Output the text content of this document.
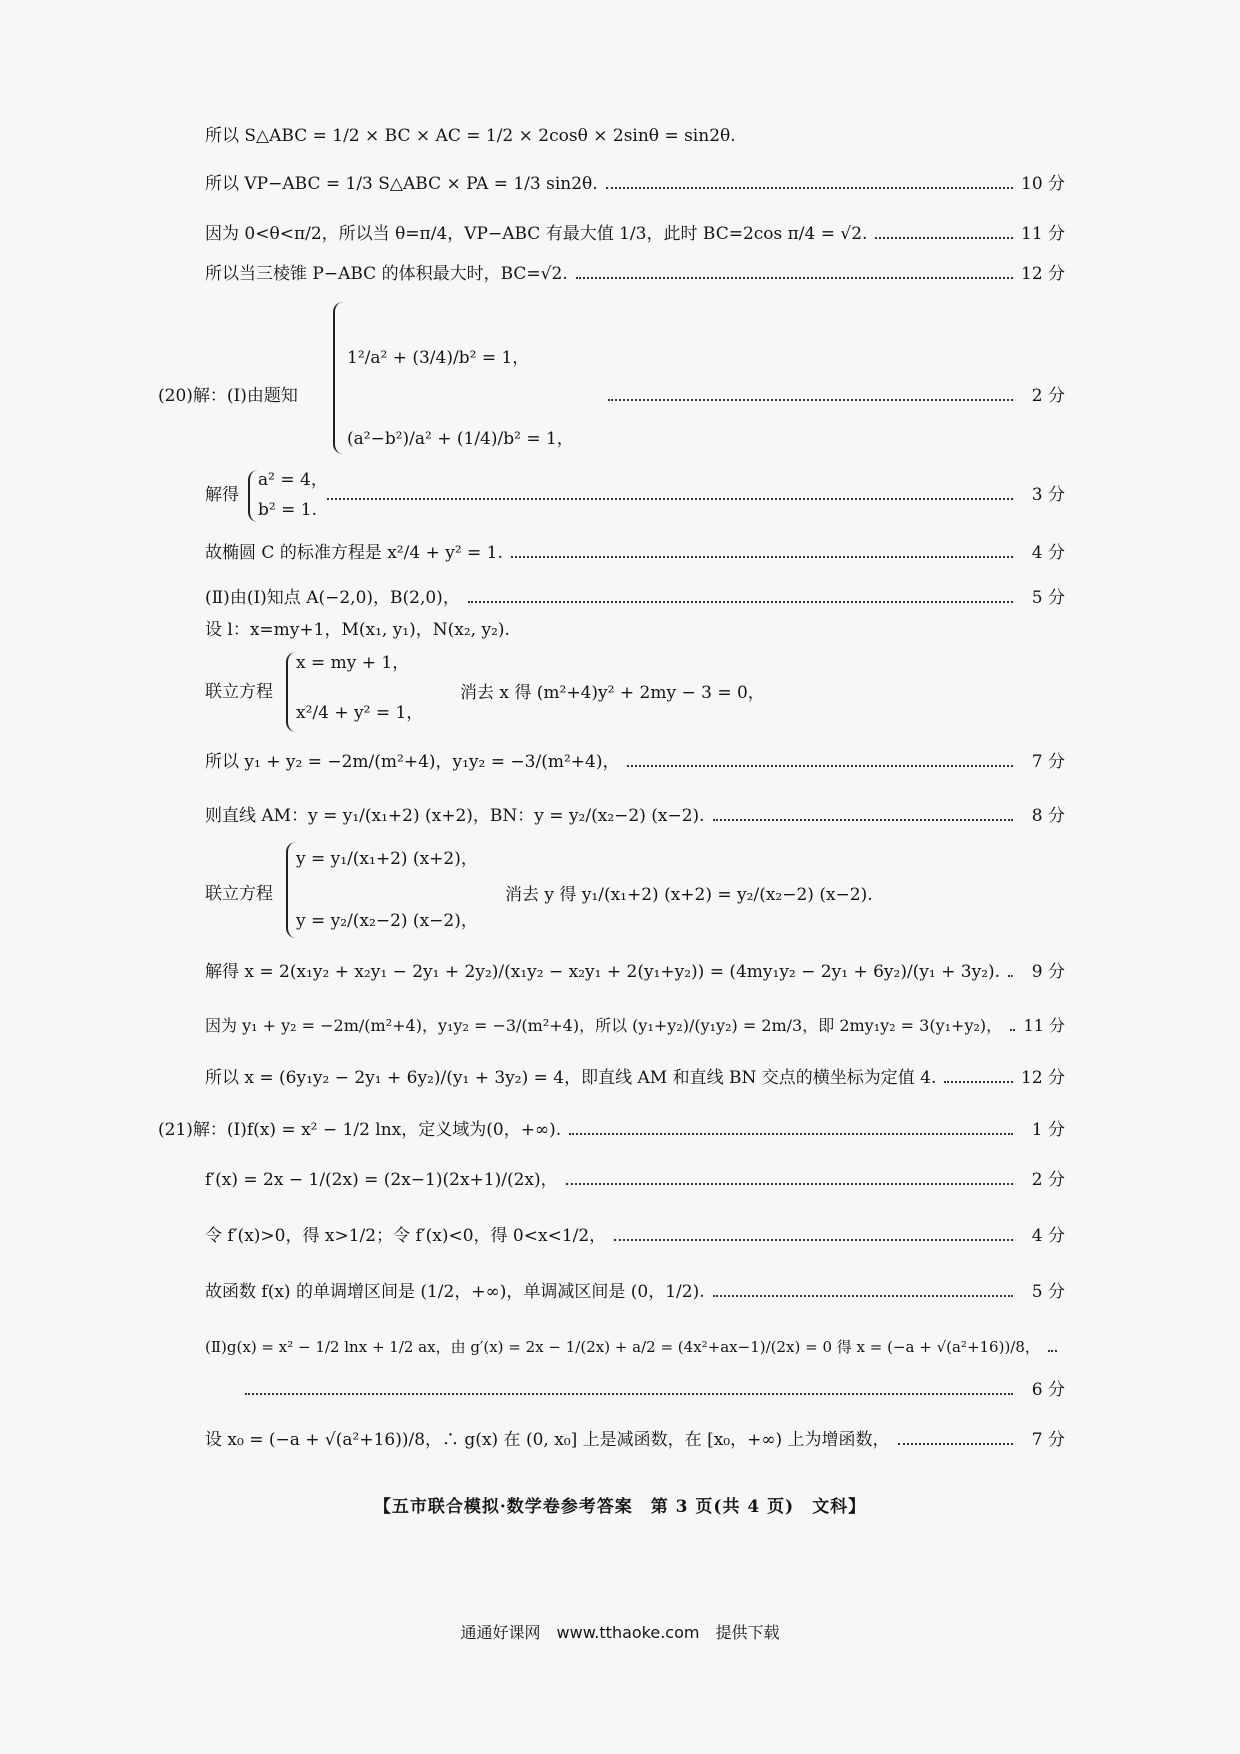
所以 S△ABC = 1/2 × BC × AC = 1/2 × 2cosθ × 2sinθ = sin2θ.
所以 VP−ABC = 1/3 S△ABC × PA = 1/3 sin2θ.	10 分
因为 0<θ<π/2，所以当 θ=π/4，VP−ABC 有最大值 1/3，此时 BC=2cos π/4 = √2.	11 分
所以当三棱锥 P−ABC 的体积最大时，BC=√2.	12 分
(20)解：(Ⅰ)由题知	2 分
1²/a² + (3/4)/b² = 1，
(a²−b²)/a² + (1/4)/b² = 1，
解得	3 分
a² = 4，
b² = 1.
故椭圆 C 的标准方程是 x²/4 + y² = 1.	4 分
(Ⅱ)由(Ⅰ)知点 A(−2,0)，B(2,0)，	5 分
设 l：x=my+1，M(x₁, y₁)，N(x₂, y₂).
联立方程
x = my + 1，
x²/4 + y² = 1，
消去 x 得 (m²+4)y² + 2my − 3 = 0，
所以 y₁ + y₂ = −2m/(m²+4)，y₁y₂ = −3/(m²+4)，	7 分
则直线 AM：y = y₁/(x₁+2) (x+2)，BN：y = y₂/(x₂−2) (x−2).	8 分
联立方程
y = y₁/(x₁+2) (x+2)，
y = y₂/(x₂−2) (x−2)，
消去 y 得 y₁/(x₁+2) (x+2) = y₂/(x₂−2) (x−2).
解得 x = 2(x₁y₂ + x₂y₁ − 2y₁ + 2y₂)/(x₁y₂ − x₂y₁ + 2(y₁+y₂)) = (4my₁y₂ − 2y₁ + 6y₂)/(y₁ + 3y₂).	9 分
因为 y₁ + y₂ = −2m/(m²+4)，y₁y₂ = −3/(m²+4)，所以 (y₁+y₂)/(y₁y₂) = 2m/3，即 2my₁y₂ = 3(y₁+y₂)， 11 分
所以 x = (6y₁y₂ − 2y₁ + 6y₂)/(y₁ + 3y₂) = 4，即直线 AM 和直线 BN 交点的横坐标为定值 4.	12 分
(21)解：(Ⅰ)f(x) = x² − 1/2 lnx，定义域为(0，+∞).	1 分
f′(x) = 2x − 1/(2x) = (2x−1)(2x+1)/(2x)，	2 分
令 f′(x)>0，得 x>1/2；令 f′(x)<0，得 0<x<1/2，	4 分
故函数 f(x) 的单调增区间是 (1/2，+∞)，单调减区间是 (0，1/2).	5 分
(Ⅱ)g(x) = x² − 1/2 lnx + 1/2 ax，由 g′(x) = 2x − 1/(2x) + a/2 = (4x²+ax−1)/(2x) = 0 得 x = (−a + √(a²+16))/8，
6 分
设 x₀ = (−a + √(a²+16))/8，∴ g(x) 在 (0, x₀] 上是减函数，在 [x₀，+∞) 上为增函数，	7 分
【五市联合模拟·数学卷参考答案　第 3 页(共 4 页)　文科】
通通好课网　www.tthaoke.com　提供下载
